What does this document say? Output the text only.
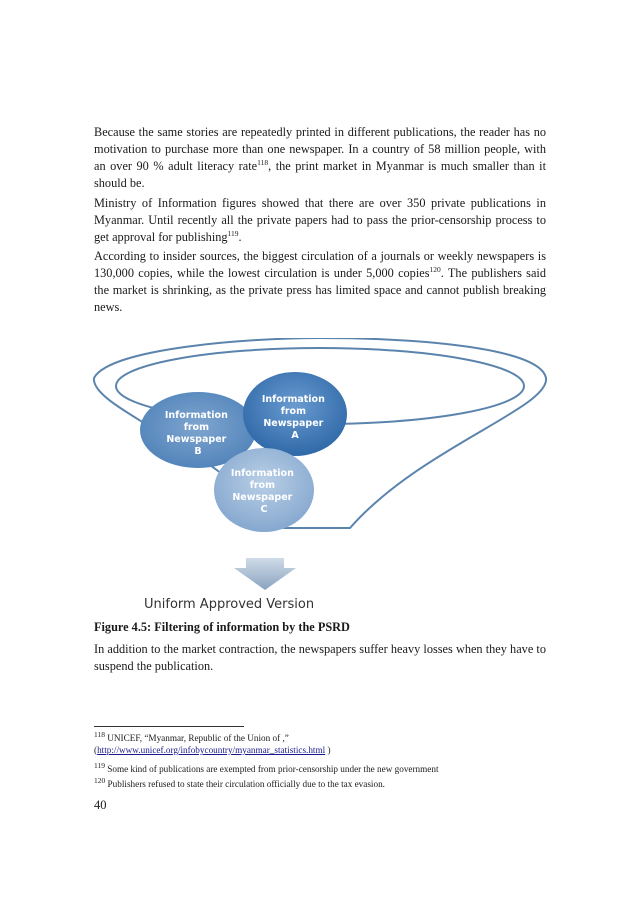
Because the same stories are repeatedly printed in different publications, the reader has no motivation to purchase more than one newspaper. In a country of 58 million people, with an over 90 % adult literacy rate$^{118}$, the print market in Myanmar is much smaller than it should be.

Ministry of Information figures showed that there are over 350 private publications in Myanmar. Until recently all the private papers had to pass the prior-censorship process to get approval for publishing$^{119}$.

According to insider sources, the biggest circulation of a journals or weekly newspapers is 130,000 copies, while the lowest circulation is under 5,000 copies$^{120}$. The publishers said the market is shrinking, as the private press has limited space and cannot publish breaking news.

Information from Newspaper B
Information from Newspaper A
Information from Newspaper C
Uniform Approved Version

Figure 4.5: Filtering of information by the PSRD

In addition to the market contraction, the newspapers suffer heavy losses when they have to suspend the publication.

$^{118}$ UNICEF, “Myanmar, Republic of the Union of ,”
(http://www.unicef.org/infobycountry/myanmar_statistics.html )

$^{119}$ Some kind of publications are exempted from prior-censorship under the new government

$^{120}$ Publishers refused to state their circulation officially due to the tax evasion.

40
